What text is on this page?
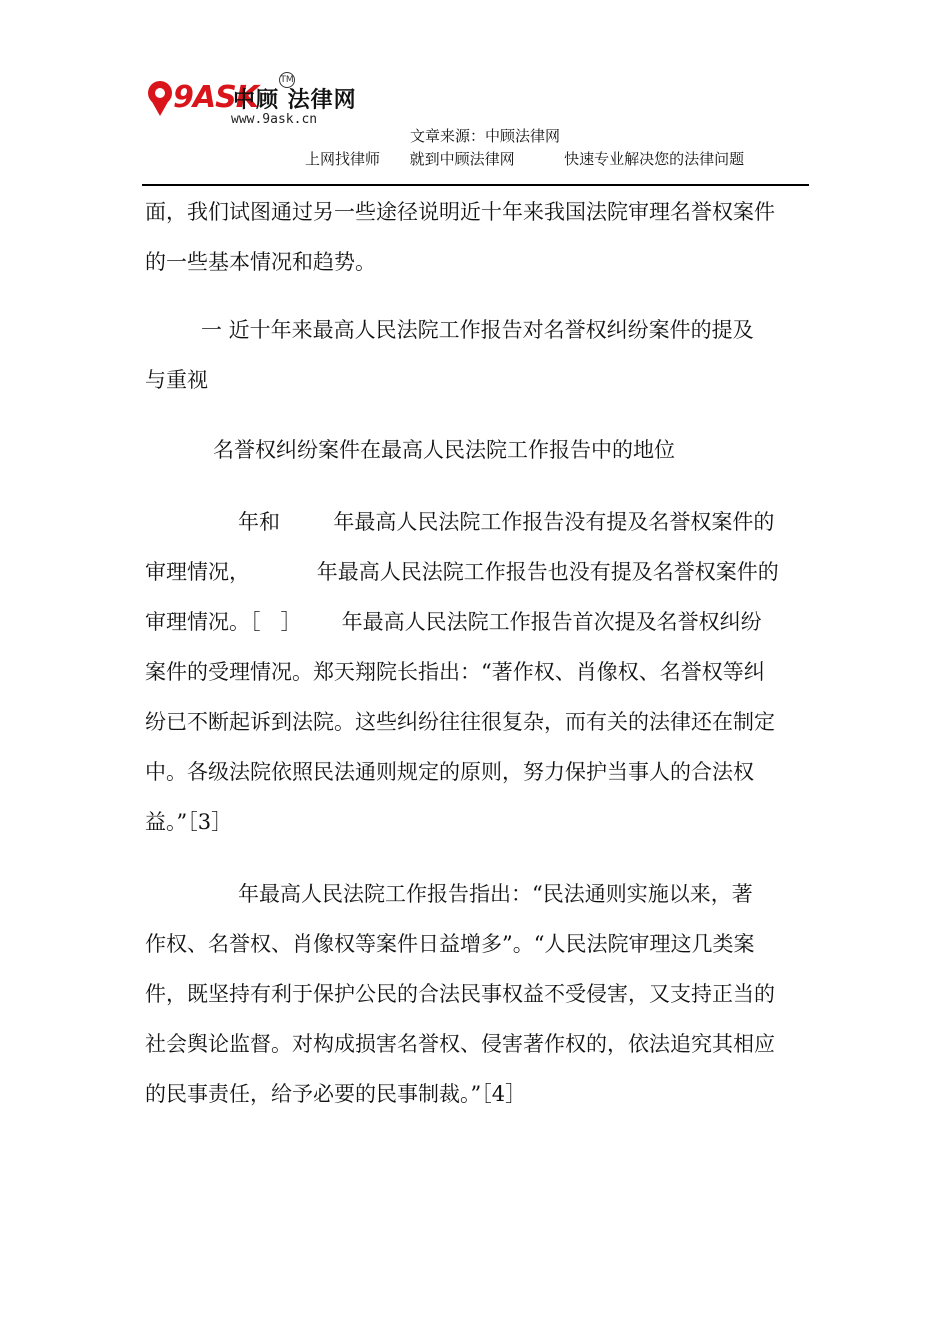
9ASK
中顾 法律网
TM
www.9ask.cn
文章来源：中顾法律网
上网找律师 就到中顾法律网	快速专业解决您的法律问题

面，我们试图通过另一些途径说明近十年来我国法院审理名誉权案件

的一些基本情况和趋势。

一 近十年来最高人民法院工作报告对名誉权纠纷案件的提及

与重视

名誉权纠纷案件在最高人民法院工作报告中的地位

年和        年最高人民法院工作报告没有提及名誉权案件的

审理情况，          年最高人民法院工作报告也没有提及名誉权案件的

审理情况。［   ］      年最高人民法院工作报告首次提及名誉权纠纷

案件的受理情况。郑天翔院长指出：“著作权、肖像权、名誉权等纠

纷已不断起诉到法院。这些纠纷往往很复杂，而有关的法律还在制定

中。各级法院依照民法通则规定的原则，努力保护当事人的合法权

益。”［3］

年最高人民法院工作报告指出：“民法通则实施以来，著

作权、名誉权、肖像权等案件日益增多”。“人民法院审理这几类案

件，既坚持有利于保护公民的合法民事权益不受侵害，又支持正当的

社会舆论监督。对构成损害名誉权、侵害著作权的，依法追究其相应

的民事责任，给予必要的民事制裁。”［4］
